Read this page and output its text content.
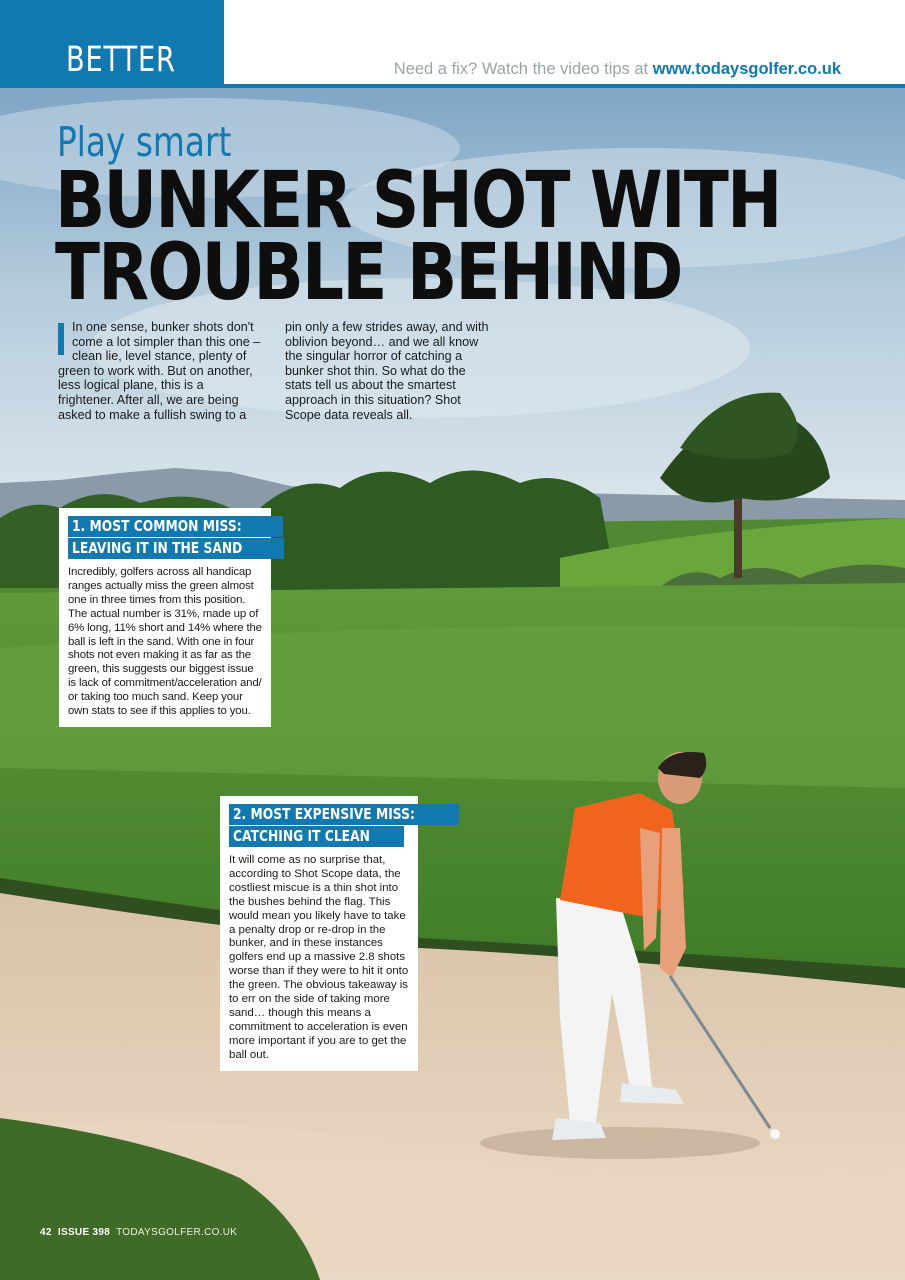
BETTER	Need a fix? Watch the video tips at www.todaysgolfer.co.uk
Play smart
BUNKER SHOT WITH
TROUBLE BEHIND
In one sense, bunker shots don't come a lot simpler than this one – clean lie, level stance, plenty of green to work with. But on another, less logical plane, this is a frightener. After all, we are being asked to make a fullish swing to a pin only a few strides away, and with oblivion beyond… and we all know the singular horror of catching a bunker shot thin. So what do the stats tell us about the smartest approach in this situation? Shot Scope data reveals all.
1. MOST COMMON MISS:
LEAVING IT IN THE SAND
Incredibly, golfers across all handicap ranges actually miss the green almost one in three times from this position. The actual number is 31%, made up of 6% long, 11% short and 14% where the ball is left in the sand. With one in four shots not even making it as far as the green, this suggests our biggest issue is lack of commitment/acceleration and/ or taking too much sand. Keep your own stats to see if this applies to you.
2. MOST EXPENSIVE MISS:
CATCHING IT CLEAN
It will come as no surprise that, according to Shot Scope data, the costliest miscue is a thin shot into the bushes behind the flag. This would mean you likely have to take a penalty drop or re-drop in the bunker, and in these instances golfers end up a massive 2.8 shots worse than if they were to hit it onto the green. The obvious takeaway is to err on the side of taking more sand… though this means a commitment to acceleration is even more important if you are to get the ball out.
42 ISSUE 398 TODAYSGOLFER.CO.UK
